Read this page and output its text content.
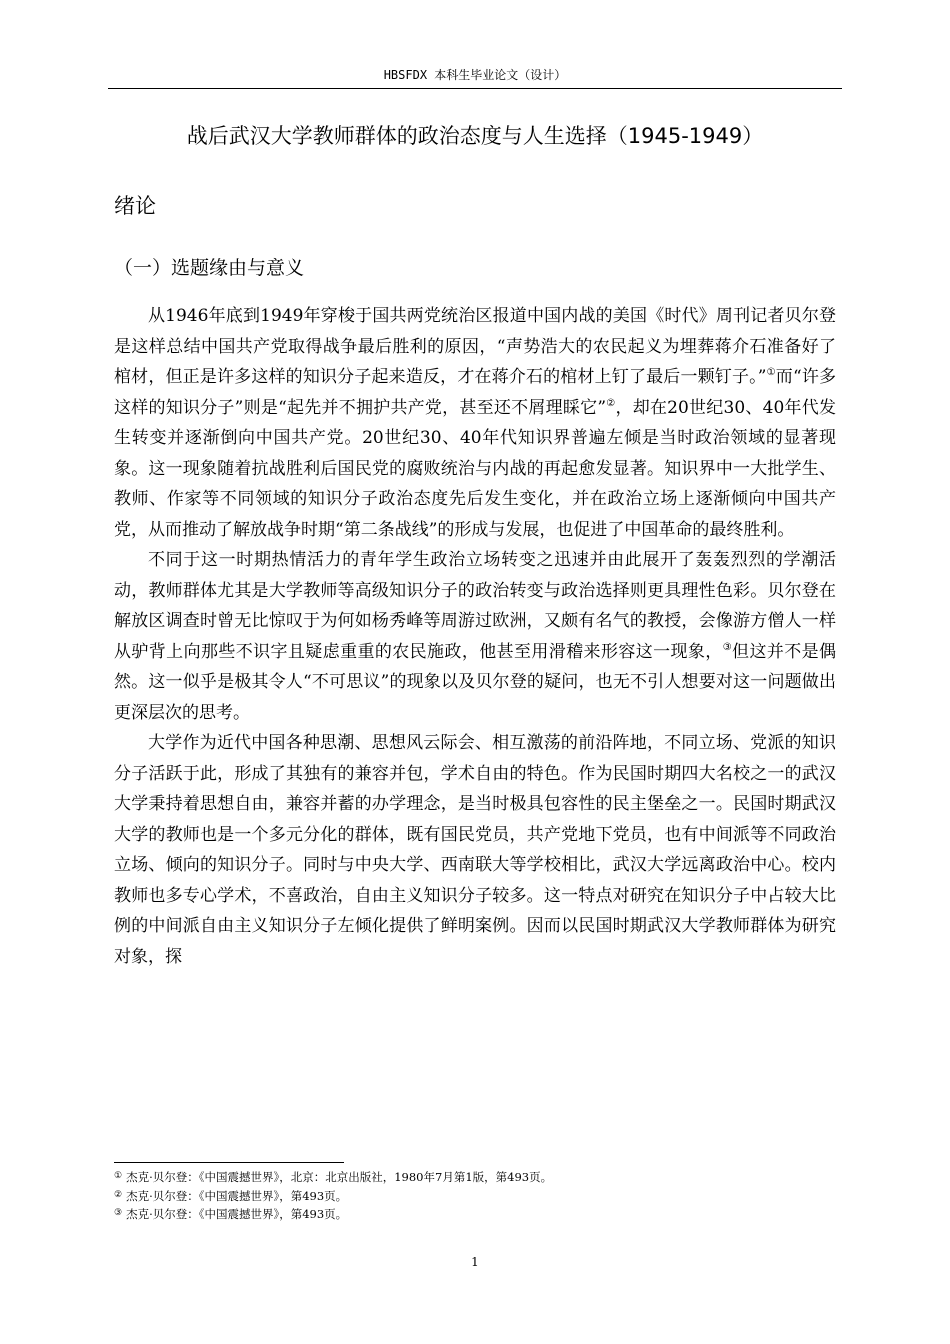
HBSFDX 本科生毕业论文（设计）
战后武汉大学教师群体的政治态度与人生选择（1945-1949）
绪论
（一）选题缘由与意义

从1946年底到1949年穿梭于国共两党统治区报道中国内战的美国《时代》周刊记者贝尔登是这样总结中国共产党取得战争最后胜利的原因，“声势浩大的农民起义为埋葬蒋介石准备好了棺材，但正是许多这样的知识分子起来造反，才在蒋介石的棺材上钉了最后一颗钉子。”①而“许多这样的知识分子”则是“起先并不拥护共产党，甚至还不屑理睬它”②，却在20世纪30、40年代发生转变并逐渐倒向中国共产党。20世纪30、40年代知识界普遍左倾是当时政治领域的显著现象。这一现象随着抗战胜利后国民党的腐败统治与内战的再起愈发显著。知识界中一大批学生、教师、作家等不同领域的知识分子政治态度先后发生变化，并在政治立场上逐渐倾向中国共产党，从而推动了解放战争时期“第二条战线”的形成与发展，也促进了中国革命的最终胜利。

不同于这一时期热情活力的青年学生政治立场转变之迅速并由此展开了轰轰烈烈的学潮活动，教师群体尤其是大学教师等高级知识分子的政治转变与政治选择则更具理性色彩。贝尔登在解放区调查时曾无比惊叹于为何如杨秀峰等周游过欧洲，又颇有名气的教授，会像游方僧人一样从驴背上向那些不识字且疑虑重重的农民施政，他甚至用滑稽来形容这一现象，③但这并不是偶然。这一似乎是极其令人“不可思议”的现象以及贝尔登的疑问，也无不引人想要对这一问题做出更深层次的思考。

大学作为近代中国各种思潮、思想风云际会、相互激荡的前沿阵地，不同立场、党派的知识分子活跃于此，形成了其独有的兼容并包，学术自由的特色。作为民国时期四大名校之一的武汉大学秉持着思想自由，兼容并蓄的办学理念，是当时极具包容性的民主堡垒之一。民国时期武汉大学的教师也是一个多元分化的群体，既有国民党员，共产党地下党员，也有中间派等不同政治立场、倾向的知识分子。同时与中央大学、西南联大等学校相比，武汉大学远离政治中心。校内教师也多专心学术，不喜政治，自由主义知识分子较多。这一特点对研究在知识分子中占较大比例的中间派自由主义知识分子左倾化提供了鲜明案例。因而以民国时期武汉大学教师群体为研究对象，探

① 杰克·贝尔登：《中国震撼世界》，北京：北京出版社，1980年7月第1版，第493页。
② 杰克·贝尔登：《中国震撼世界》，第493页。
③ 杰克·贝尔登：《中国震撼世界》，第493页。
1
